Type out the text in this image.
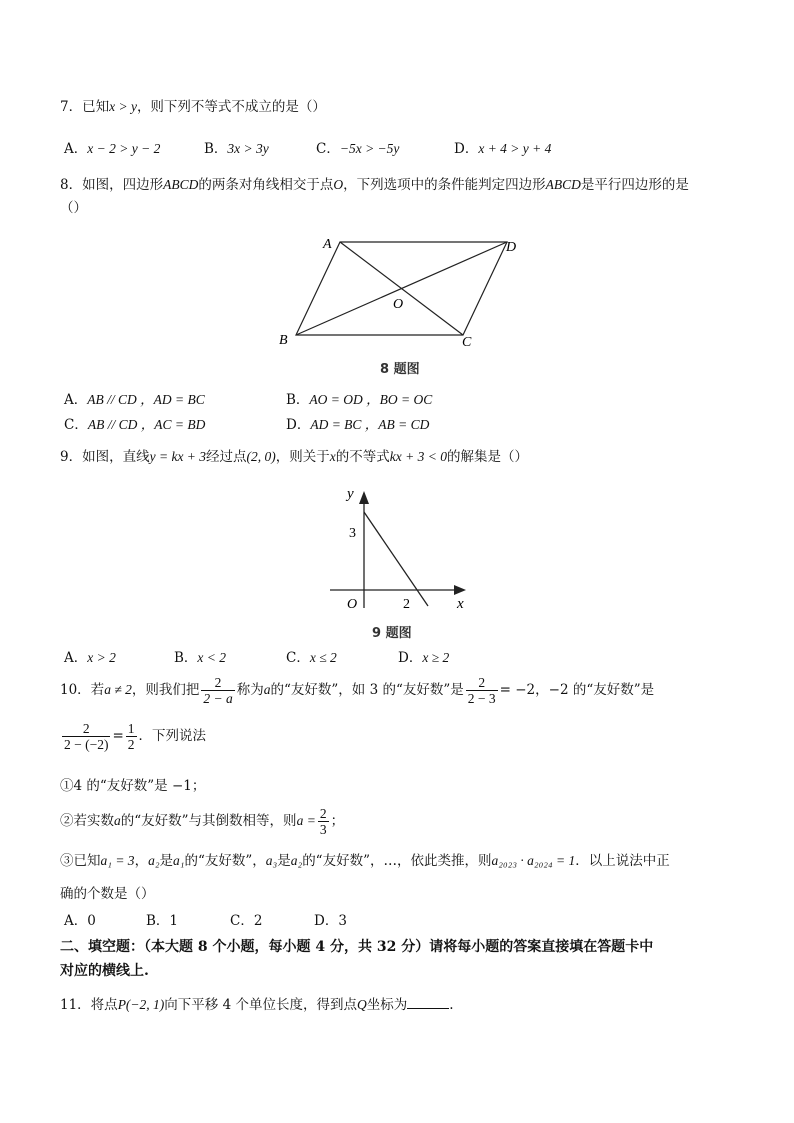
7．已知x > y，则下列不等式不成立的是（）
A．x − 2 > y − 2	B．3x > 3y	C．−5x > −5y	D．x + 4 > y + 4
8．如图，四边形ABCD的两条对角线相交于点O，下列选项中的条件能判定四边形ABCD是平行四边形的是
（）
A	D
B	C
O
8 题图
A．AB // CD ，AD = BC	B．AO = OD ，BO = OC
C．AB // CD ，AC = BD	D．AD = BC ，AB = CD
9．如图，直线y = kx + 3经过点(2, 0)，则关于x的不等式kx + 3 < 0的解集是（）
y
x
O
3
2
9 题图
A．x > 2	B．x < 2	C．x ≤ 2	D．x ≥ 2
10．若a ≠ 2，则我们把 $\frac{2}{2 - a}$ 称为a的“友好数”，如 3 的“友好数”是 $\frac{2}{2 - 3} = -2$，−2 的“友好数”是
$\frac{2}{2 - (-2)} = \frac{1}{2}$ ．下列说法
①4 的“友好数”是 −1；
②若实数a的“友好数”与其倒数相等，则$a = \frac{2}{3}$ ；
③已知a₁ = 3，a₂是a₁的“友好数”，a₃是a₂的“友好数”，…，依此类推，则a₂₀₂₃ · a₂₀₂₄ = 1．以上说法中正
确的个数是（）
A．0	B．1	C．2	D．3
二、填空题：（本大题 8 个小题，每小题 4 分，共 32 分）请将每小题的答案直接填在答题卡中
对应的横线上.
11．将点P(−2, 1)向下平移 4 个单位长度，得到点Q坐标为	.
